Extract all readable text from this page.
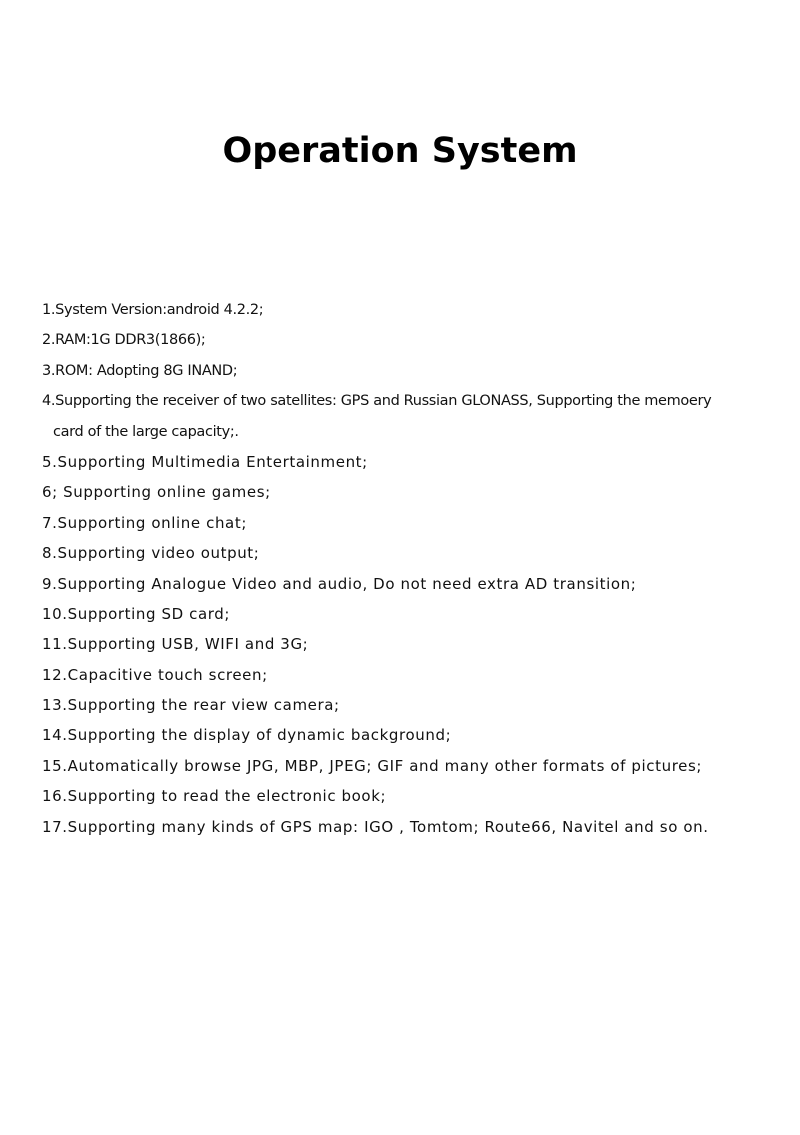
Operation System
1.System Version:android 4.2.2;
2.RAM:1G DDR3(1866);
3.ROM: Adopting 8G INAND;
4.Supporting the receiver of two satellites: GPS and Russian GLONASS, Supporting the memoery
card of the large capacity;.
5.Supporting Multimedia Entertainment;
6; Supporting online games;
7.Supporting online chat;
8.Supporting video output;
9.Supporting Analogue Video and audio, Do not need extra AD transition;
10.Supporting SD card;
11.Supporting USB, WIFI and 3G;
12.Capacitive touch screen;
13.Supporting the rear view camera;
14.Supporting the display of dynamic background;
15.Automatically browse JPG, MBP, JPEG; GIF and many other formats of pictures;
16.Supporting to read the electronic book;
17.Supporting many kinds of GPS map: IGO , Tomtom; Route66, Navitel and so on.
